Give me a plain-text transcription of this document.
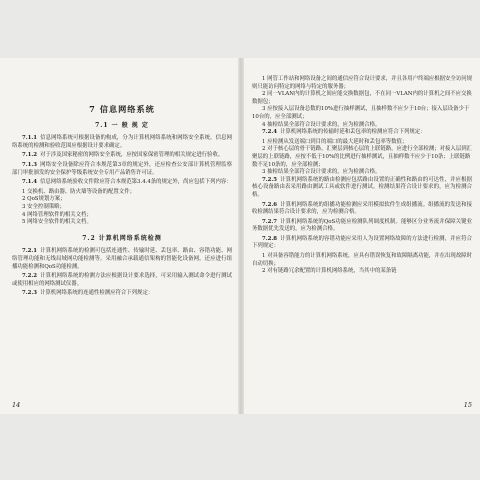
7 信息网络系统
7.1 一 般 规 定

7.1.1 信息网络系统可根据设备的构成，分为计算机网络系统和网络安全系统。信息网络系统的检测和验收范围应根据设计要求确定。

7.1.2 对于涉及国家秘密的网络安全系统，应按国家保密管理的相关规定进行验收。

7.1.3 网络安全设备除应符合本规范第3章的规定外，还应检查公安部计算机管理监察部门审批颁发的安全保护等级系统安全专用产品销售许可证。

7.1.4 信息网络系统验收文件除应符合本规范第3.4.4条的规定外，尚应包括下列内容：

1 交换机、路由器、防火墙等设备的配置文件；
2 QoS规划方案；
3 安全控制策略；
4 网络管理软件的相关文档；
5 网络安全软件的相关文档。
7.2 计算机网络系统检测

7.2.1 计算机网络系统的检测可包括连通性、传输时延、丢包率、路由、容错功能、网络管理功能和无线局域网功能检测等。采用融合承载通信架构的智能化设备网，还应进行组播功能检测和QoS功能检测。

7.2.2 计算机网络系统的检测方法应根据设计要求选择，可采用输入测试命令进行测试或使用相应的网络测试仪器。

7.2.3 计算机网络系统的连通性检测应符合下列规定：

14
1 网管工作站和网络设备之间的通信应符合设计要求，并且各用户终端应根据安全访问规则只能访问特定的网络与特定的服务器；
2 同一VLAN内的计算机之间应能交换数据包，不在同一VLAN内的计算机之间不应交换数据包；
3 应按接入层设备总数的10%进行抽样测试，且抽样数不应少于10台；接入层设备少于10台的，应全部测试；
4 抽检结果全部符合设计要求的，应为检测合格。

7.2.4 计算机网络系统的传输时延和丢包率的检测应符合下列规定：

1 应检测从发送端口到目的端口的最大延时和丢包率等数值；
2 对于核心层的骨干链路、汇聚层到核心层的上联链路，应进行全部检测；对接入层到汇聚层的上联链路，应按不低于10%的比例进行抽样测试，且抽样数不应少于10条；上联链路数不足10条的，应全部检测；
3 抽检结果全部符合设计要求的，应为检测合格。

7.2.5 计算机网络系统的路由检测应包括路由设置的正确性和路由的可达性，并应根据核心设备路由表采用路由测试工具或软件进行测试。检测结果符合设计要求的，应为检测合格。

7.2.6 计算机网络系统的组播功能检测应采用模拟软件生成组播流。组播流的发送和接收检测结果符合设计要求的，应为检测合格。

7.2.7 计算机网络系统的QoS功能应检测队列调度机制。能够区分业务流并保障关键业务数据优先发送的，应为检测合格。

7.2.8 计算机网络系统的容错功能应采用人为设置网络故障的方法进行检测，并应符合下列规定：

1 对具备容错能力的计算机网络系统，应具有错误恢复和故障隔离功能，并在出现故障时自动切换；
2 对有链路冗余配置的计算机网络系统，当其中的某条链
15
